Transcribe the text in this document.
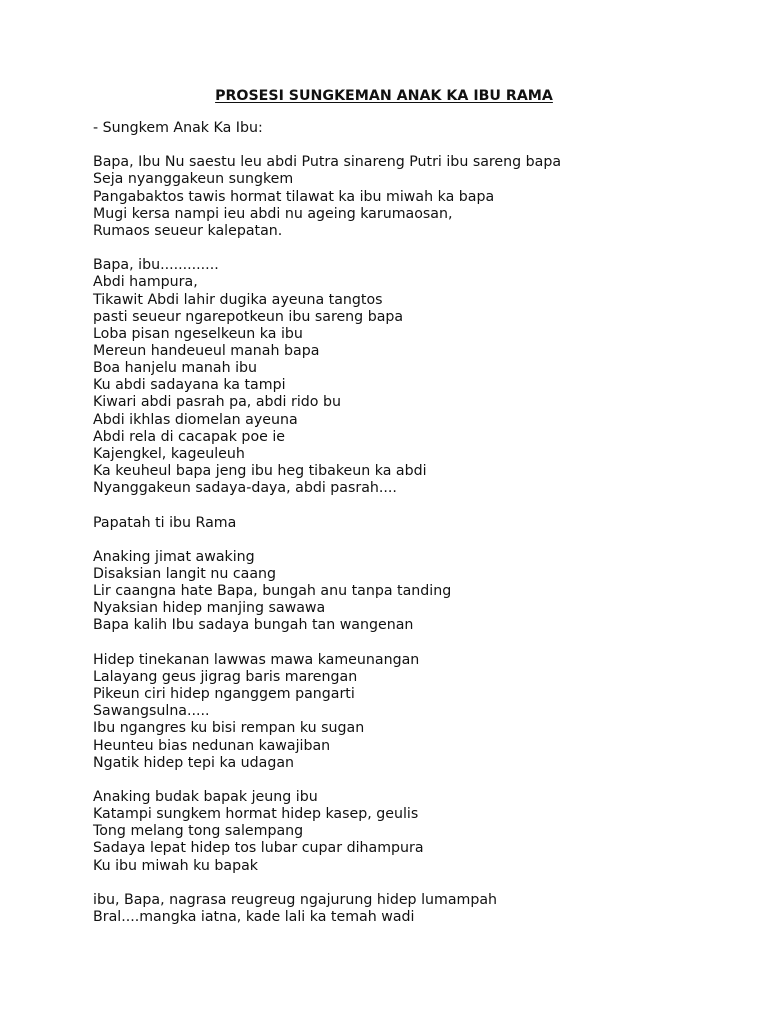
PROSESI SUNGKEMAN ANAK KA IBU RAMA
- Sungkem Anak Ka Ibu:
Bapa, Ibu Nu saestu leu abdi Putra sinareng Putri ibu sareng bapa
Seja nyanggakeun sungkem
Pangabaktos tawis hormat tilawat ka ibu miwah ka bapa
Mugi kersa nampi ieu abdi nu ageing karumaosan,
Rumaos seueur kalepatan.
Bapa, ibu.............
Abdi hampura,
Tikawit Abdi lahir dugika ayeuna tangtos
pasti seueur ngarepotkeun ibu sareng bapa
Loba pisan ngeselkeun ka ibu
Mereun handeueul manah bapa
Boa hanjelu manah ibu
Ku abdi sadayana ka tampi
Kiwari abdi pasrah pa, abdi rido bu
Abdi ikhlas diomelan ayeuna
Abdi rela di cacapak poe ie
Kajengkel, kageuleuh
Ka keuheul bapa jeng ibu heg tibakeun ka abdi
Nyanggakeun sadaya-daya, abdi pasrah....
Papatah ti ibu Rama
Anaking jimat awaking
Disaksian langit nu caang
Lir caangna hate Bapa, bungah anu tanpa tanding
Nyaksian hidep manjing sawawa
Bapa kalih Ibu sadaya bungah tan wangenan
Hidep tinekanan lawwas mawa kameunangan
Lalayang geus jigrag baris marengan
Pikeun ciri hidep nganggem pangarti
Sawangsulna.....
Ibu ngangres ku bisi rempan ku sugan
Heunteu bias nedunan kawajiban
Ngatik hidep tepi ka udagan
Anaking budak bapak jeung ibu
Katampi sungkem hormat hidep kasep, geulis
Tong melang tong salempang
Sadaya lepat hidep tos lubar cupar dihampura
Ku ibu miwah ku bapak
ibu, Bapa, nagrasa reugreug ngajurung hidep lumampah
Bral....mangka iatna, kade lali ka temah wadi
